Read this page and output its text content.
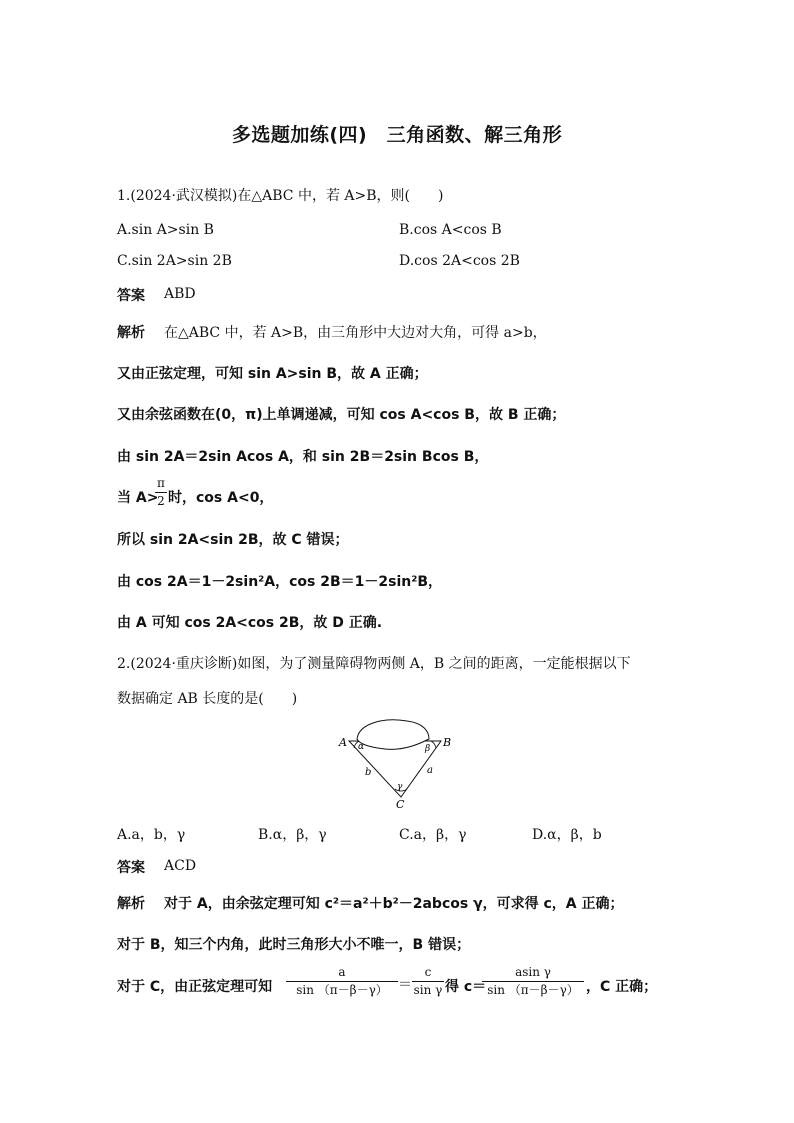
多选题加练(四)　三角函数、解三角形
1.(2024·武汉模拟)在△ABC 中，若 A>B，则(　　)
A.sin A>sin B	B.cos A<cos B
C.sin 2A>sin 2B	D.cos 2A<cos 2B
答案 ABD
解析 在△ABC 中，若 A>B，由三角形中大边对大角，可得 a>b，
又由正弦定理，可知 sin A>sin B，故 A 正确；
又由余弦函数在(0，π)上单调递减，可知 cos A<cos B，故 B 正确；
由 sin 2A＝2sin Acos A，和 sin 2B＝2sin Bcos B，
当 A>
π
2 时，cos A<0，
所以 sin 2A<sin 2B，故 C 错误；
由 cos 2A＝1－2sin²A，cos 2B＝1－2sin²B，
由 A 可知 cos 2A<cos 2B，故 D 正确.
2.(2024·重庆诊断)如图，为了测量障碍物两侧 A，B 之间的距离，一定能根据以下
数据确定 AB 长度的是(　　)
A	B
C
α	β
γ
b	a
A.a，b，γ	B.α，β，γ	C.a，β，γ	D.α，β，b
答案 ACD
解析 对于 A，由余弦定理可知 c²＝a²＋b²－2abcos γ，可求得 c，A 正确；
对于 B，知三个内角，此时三角形大小不唯一，B 错误；
对于 C，由正弦定理可知
a
sin （π－β－γ） ＝
c
sin γ 得 c＝
asin γ
sin （π－β－γ） ，C 正确；
